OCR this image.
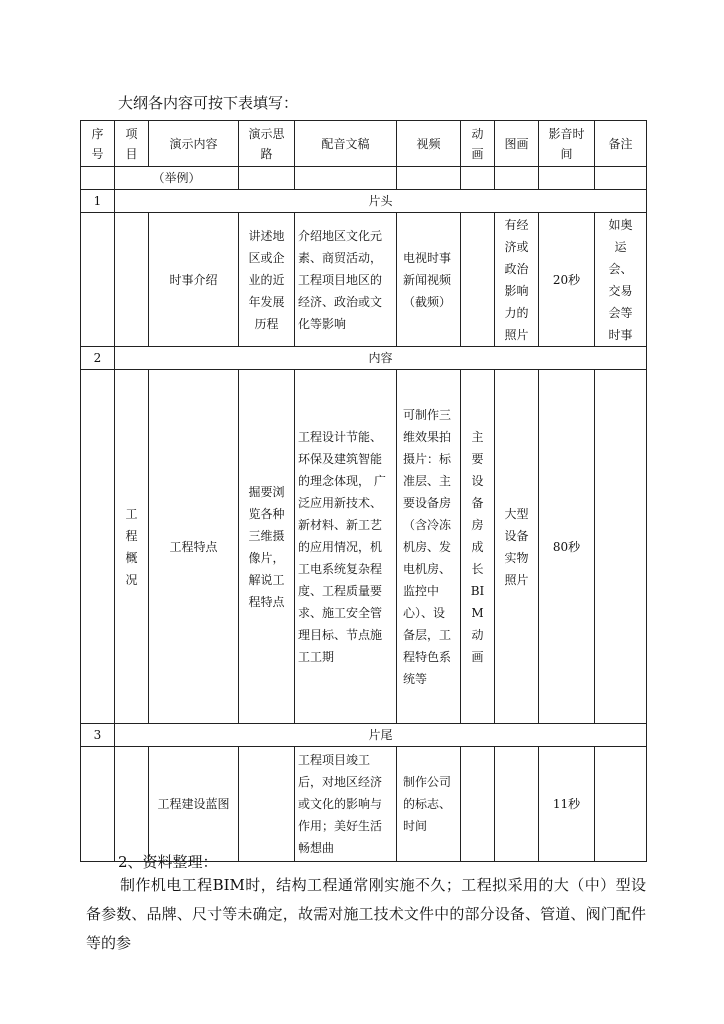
大纲各内容可按下表填写：
序号	项目	演示内容	演示思路	配音文稿	视频	动画	图画	影音时间	备注
	（举例）								
1	片头								
		时事介绍	讲述地区或企业的近年发展历程	介绍地区文化元素、商贸活动，工程项目地区的经济、政治或文化等影响	电视时事新闻视频（截频）		有经济或政治影响力的照片	20秒	如奥运会、交易会等时事
2	内容								
	工程概况	工程特点	掘要浏览各种三维摄像片，解说工程特点	工程设计节能、环保及建筑智能的理念体现， 广泛应用新技术、新材料、新工艺 的应用情况，机工电系统复杂程度、工程质量要求、施工安全管理目标、节点施工工期	可制作三维效果拍摄片：标准层、主要设备房（含冷冻机房、发电机房、监控中心）、设备层，工程特色系统等	主要设备房成长BIM动画	大型设备实物照片	80秒	
3	片尾								
		工程建设蓝图		工程项目竣工后，对地区经济或文化的影响与作用；美好生活畅想曲	制作公司的标志、时间			11秒	
2、资料整理：
制作机电工程BIM时，结构工程通常刚实施不久；工程拟采用的大（中）型设备参数、品牌、尺寸等未确定，故需对施工技术文件中的部分设备、管道、阀门配件等的参
